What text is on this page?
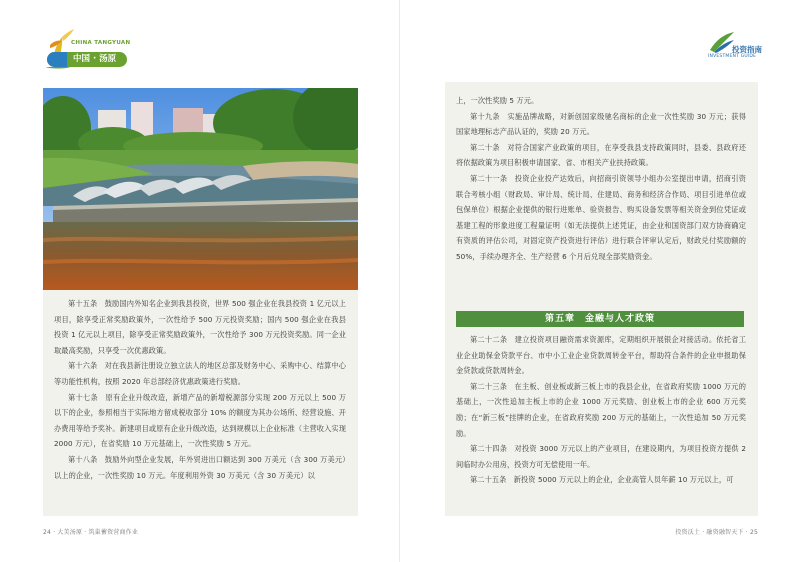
CHINA TANGYUAN
中国 · 汤原

第十五条　鼓励国内外知名企业到我县投资，世界 500 强企业在我县投资 1 亿元以上项目，除享受正常奖励政策外，一次性给予 500 万元投资奖励；国内 500 强企业在我县投资 1 亿元以上项目，除享受正常奖励政策外，一次性给予 300 万元投资奖励。同一企业取最高奖励，只享受一次优惠政策。

第十六条　对在我县新注册设立独立法人的地区总部及财务中心、采购中心、结算中心等功能性机构，按照 2020 年总部经济优惠政策进行奖励。

第十七条　原有企业升级改造，新增产品的新增税源部分实现 200 万元以上 500 万以下的企业，参照相当于实际地方留成税收部分 10% 的额度为其办公场所、经营设施、开办费用等给予奖补。新建项目或原有企业升级改造，达到规模以上企业标准（主营收入实现 2000 万元），在省奖励 10 万元基础上，一次性奖励 5 万元。

第十八条　鼓励外向型企业发展，年外贸进出口额达到 300 万美元（含 300 万美元）以上的企业，一次性奖励 10 万元。年度利用外资 30 万美元（含 30 万美元）以

24 · 大美汤原 · 筑巢蓄资营商作业
投资指南
INVESTMENT GUIDE

上，一次性奖励 5 万元。

第十九条　实施品牌战略，对新创国家级驰名商标的企业一次性奖励 30 万元；获得国家地理标志产品认证的，奖励 20 万元。

第二十条　对符合国家产业政策的项目，在享受我县支持政策同时，县委、县政府还将依据政策为项目积极申请国家、省、市相关产业扶持政策。

第二十一条　投资企业投产达效后，向招商引资领导小组办公室提出申请，招商引资联合考核小组（财政局、审计局、统计局、住建局、商务和经济合作局、项目引进单位或包保单位）根据企业提供的银行进账单、验资报告、购买设备发票等相关资金到位凭证或基建工程的形象进度工程量证明（如无法提供上述凭证，由企业和国资部门双方协商确定有资质的评估公司，对固定资产投资进行评估）进行联合评审认定后，财政兑付奖励额的 50%，手续办理齐全、生产经营 6 个月后兑现全部奖励资金。

第五章　金融与人才政策

第二十二条　建立投资项目融资需求资源库，定期组织开展银企对接活动。依托省工业企业助保金贷款平台、市中小工业企业贷款周转金平台，帮助符合条件的企业申报助保金贷款或贷款周转金。

第二十三条　在主板、创业板或新三板上市的我县企业，在省政府奖励 1000 万元的基础上，一次性追加主板上市的企业 1000 万元奖励、创业板上市的企业 600 万元奖励；在“新三板”挂牌的企业，在省政府奖励 200 万元的基础上，一次性追加 50 万元奖励。

第二十四条　对投资 3000 万元以上的产业项目，在建设期内，为项目投资方提供 2 间临时办公用房，投资方可无偿使用一年。

第二十五条　新投资 5000 万元以上的企业，企业高管人员年薪 10 万元以上，可

投资沃土 · 融资融智天下 · 25
